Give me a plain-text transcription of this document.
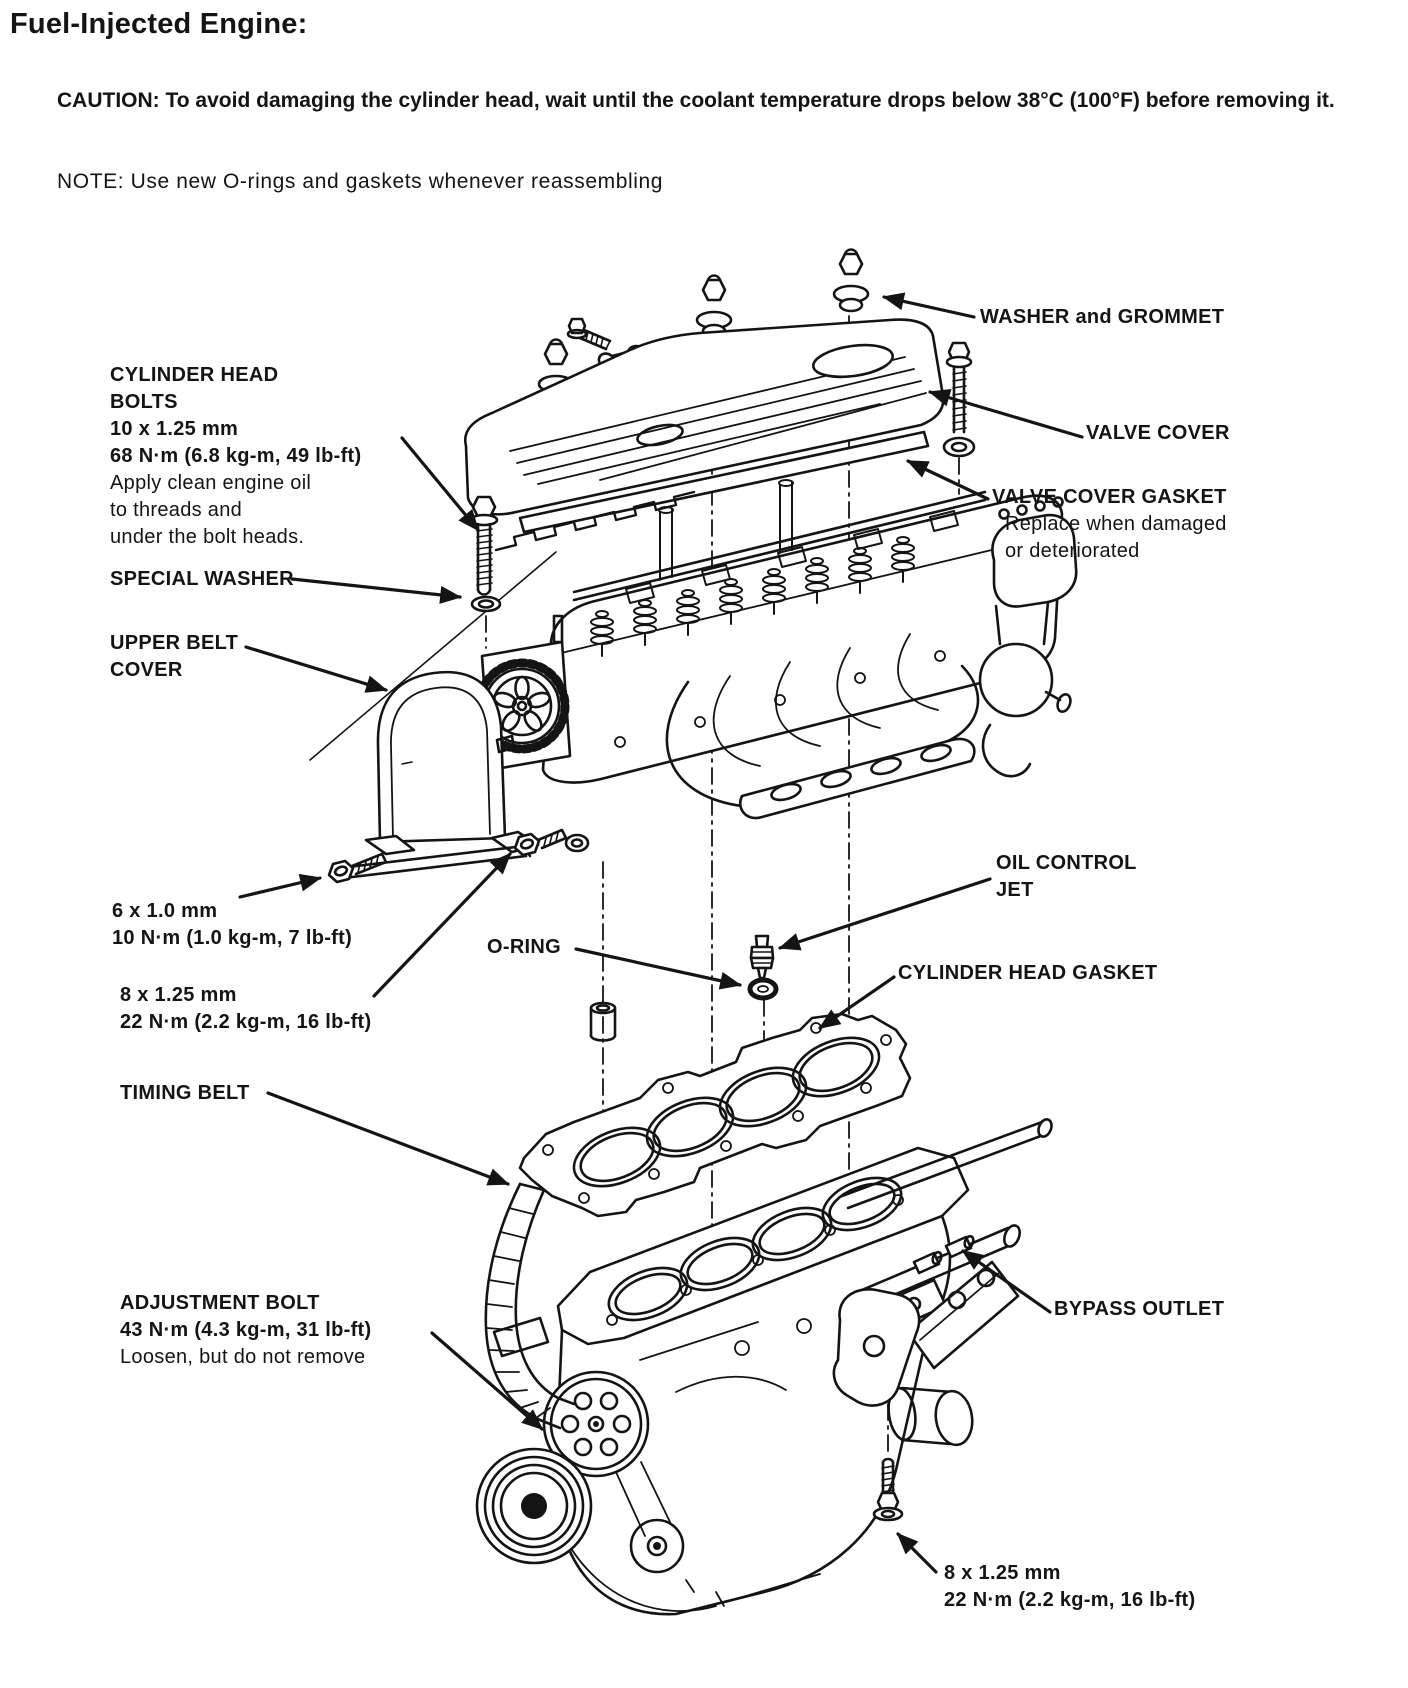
Fuel-Injected Engine:
CAUTION: To avoid damaging the cylinder head, wait until the coolant temperature drops below 38°C (100°F) before removing it.
NOTE: Use new O-rings and gaskets whenever reassembling
CYLINDER HEAD
BOLTS
10 x 1.25 mm
68 N·m (6.8 kg-m, 49 lb-ft)
Apply clean engine oil
to threads and
under the bolt heads.
SPECIAL WASHER
UPPER BELT
COVER
6 x 1.0 mm
10 N·m (1.0 kg-m, 7 lb-ft)
8 x 1.25 mm
22 N·m (2.2 kg-m, 16 lb-ft)
TIMING BELT
ADJUSTMENT BOLT
43 N·m (4.3 kg-m, 31 lb-ft)
Loosen, but do not remove
O-RING
WASHER and GROMMET
VALVE COVER
VALVE COVER GASKET
Replace when damaged
or deteriorated
OIL CONTROL
JET
CYLINDER HEAD GASKET
BYPASS OUTLET
8 x 1.25 mm
22 N·m (2.2 kg-m, 16 lb-ft)
